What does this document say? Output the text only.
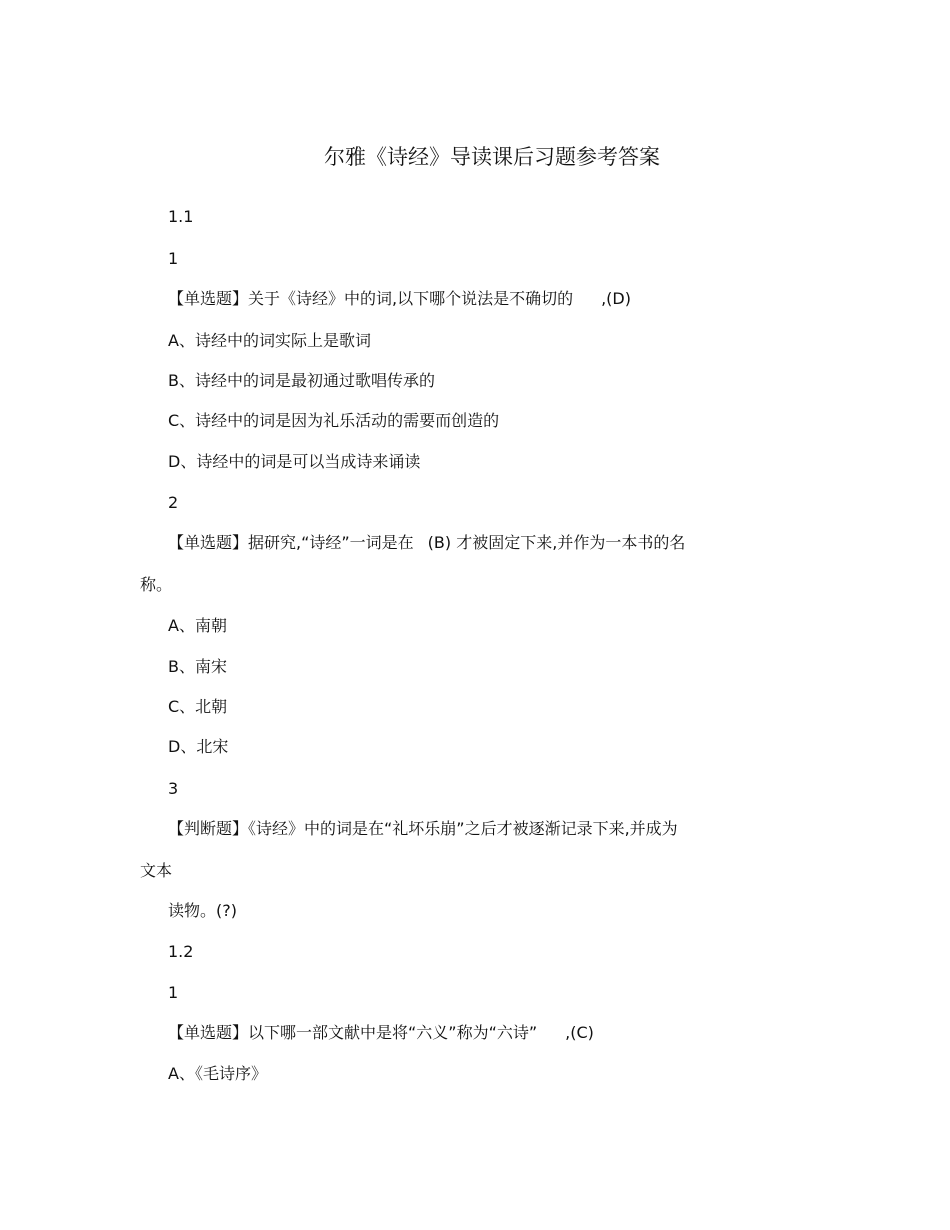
尔雅《诗经》导读课后习题参考答案
1.1
1
【单选题】关于《诗经》中的词,以下哪个说法是不确切的 ,(D)
A、诗经中的词实际上是歌词
B、诗经中的词是最初通过歌唱传承的
C、诗经中的词是因为礼乐活动的需要而创造的
D、诗经中的词是可以当成诗来诵读
2
【单选题】据研究,“诗经”一词是在 (B) 才被固定下来,并作为一本书的名
称。
A、南朝
B、南宋
C、北朝
D、北宋
3
【判断题】《诗经》中的词是在“礼坏乐崩”之后才被逐渐记录下来,并成为
文本
读物。(?)
1.2
1
【单选题】以下哪一部文献中是将“六义”称为“六诗” ,(C)
A、《毛诗序》
